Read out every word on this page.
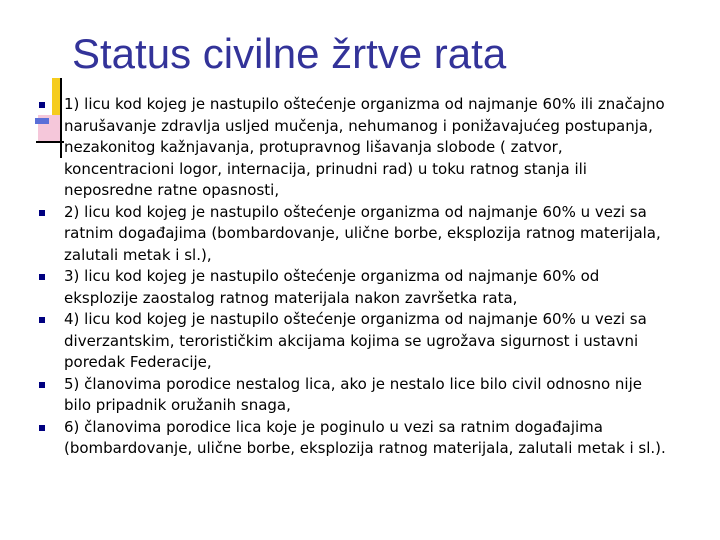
Status civilne žrtve rata
1) licu kod kojeg je nastupilo oštećenje organizma od najmanje 60% ili značajno narušavanje zdravlja usljed mučenja, nehumanog i ponižavajućeg postupanja, nezakonitog kažnjavanja, protupravnog lišavanja slobode ( zatvor, koncentracioni logor, internacija, prinudni rad) u toku ratnog stanja ili neposredne ratne opasnosti,
2) licu kod kojeg je nastupilo oštećenje organizma od najmanje 60% u vezi sa ratnim događajima (bombardovanje, ulične borbe, eksplozija ratnog materijala, zalutali metak i sl.),
3) licu kod kojeg je nastupilo oštećenje organizma od najmanje 60% od eksplozije zaostalog ratnog materijala nakon završetka rata,
4) licu kod kojeg je nastupilo oštećenje organizma od najmanje 60% u vezi sa diverzantskim, terorističkim akcijama kojima se ugrožava sigurnost i ustavni poredak Federacije,
5) članovima porodice nestalog lica, ako je nestalo lice bilo civil odnosno nije bilo pripadnik oružanih snaga,
6) članovima porodice lica koje je poginulo u vezi sa ratnim događajima (bombardovanje, ulične borbe, eksplozija ratnog materijala, zalutali metak i sl.).
